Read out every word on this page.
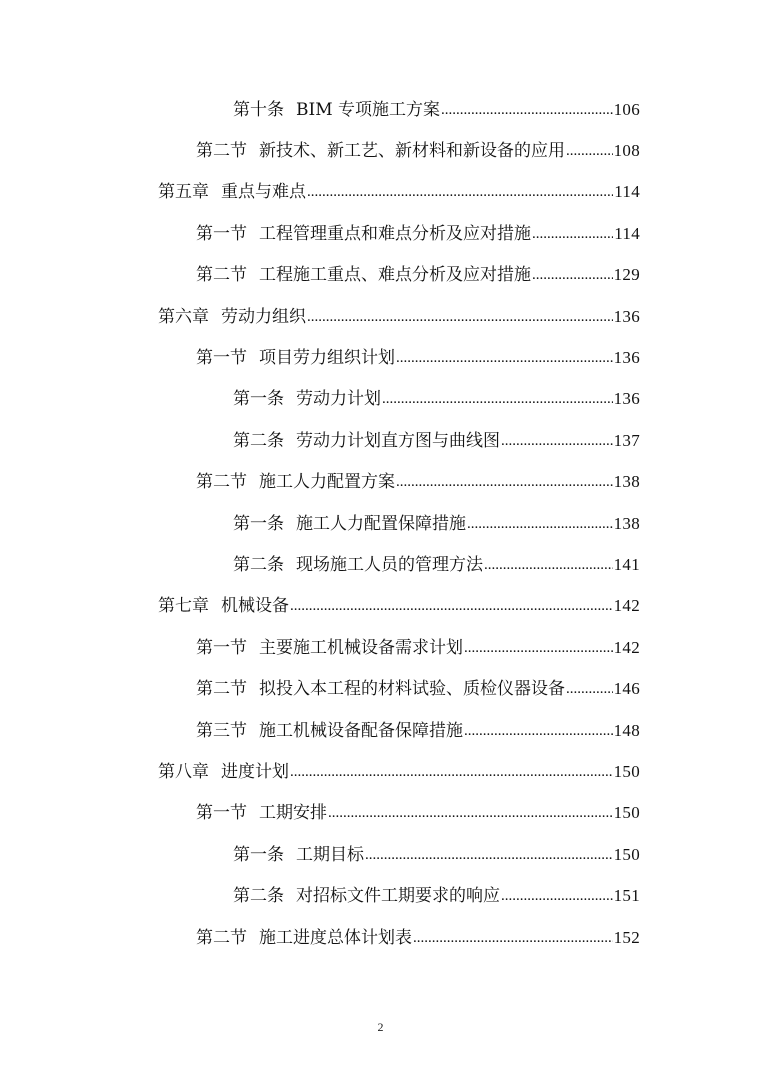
第十条 BIM 专项施工方案 .....	106
第二节 新技术、新工艺、新材料和新设备的应用 .....	108
第五章 重点与难点 .....	114
第一节 工程管理重点和难点分析及应对措施 .....	114
第二节 工程施工重点、难点分析及应对措施 .....	129
第六章 劳动力组织 .....	136
第一节 项目劳力组织计划 .....	136
第一条 劳动力计划 .....	136
第二条 劳动力计划直方图与曲线图 .....	137
第二节 施工人力配置方案 .....	138
第一条 施工人力配置保障措施 .....	138
第二条 现场施工人员的管理方法 .....	141
第七章 机械设备 .....	142
第一节 主要施工机械设备需求计划 .....	142
第二节 拟投入本工程的材料试验、质检仪器设备 .....	146
第三节 施工机械设备配备保障措施 .....	148
第八章 进度计划 .....	150
第一节 工期安排 .....	150
第一条 工期目标 .....	150
第二条 对招标文件工期要求的响应 .....	151
第二节 施工进度总体计划表 .....	152
2
